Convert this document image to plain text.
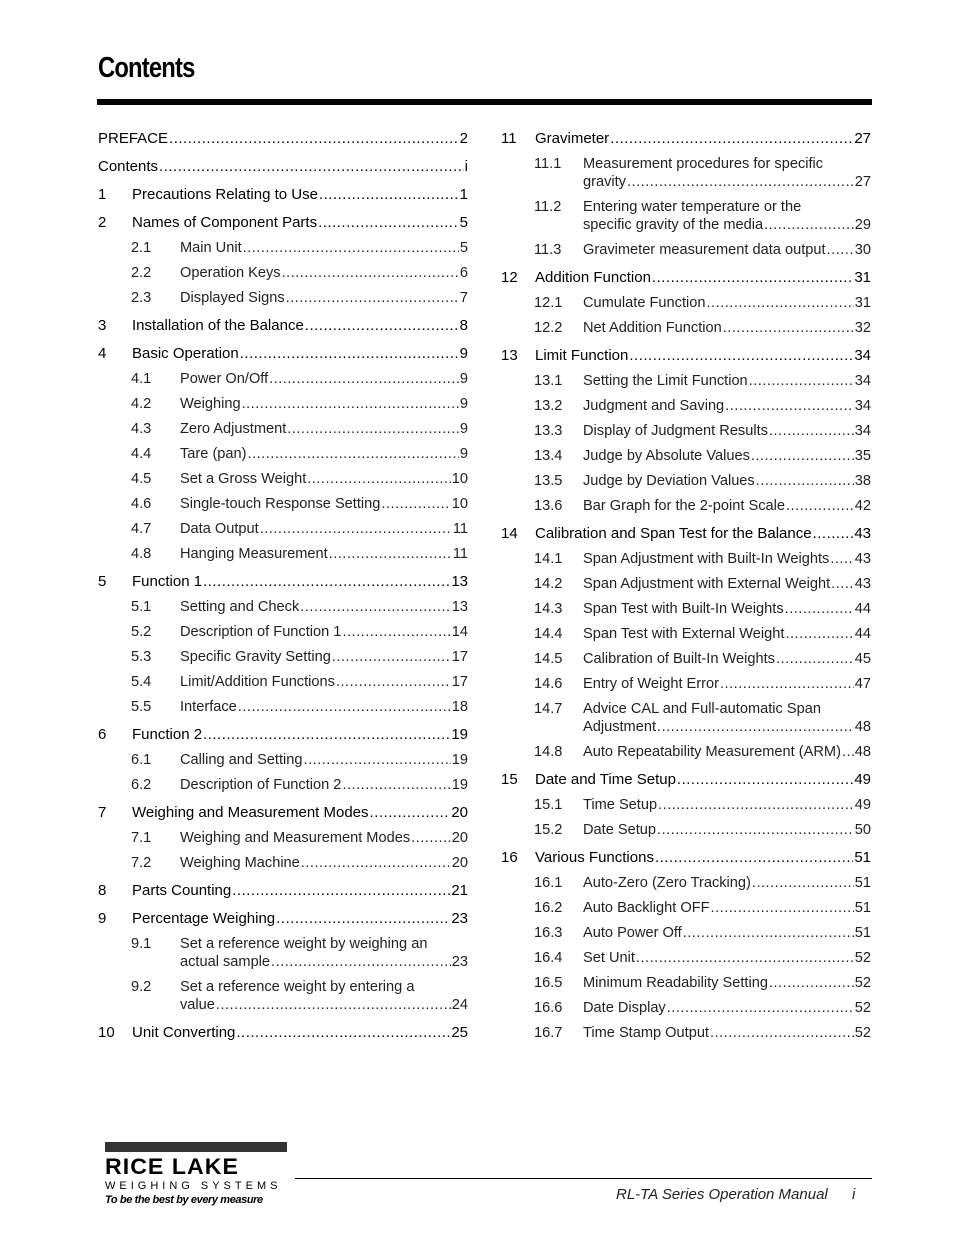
Contents
PREFACE .....	2
Contents .....	i
1 Precautions Relating to Use .....	1
2 Names of Component Parts .....	5
2.1 Main Unit .....	5
2.2 Operation Keys .....	6
2.3 Displayed Signs .....	7
3 Installation of the Balance .....	8
4 Basic Operation .....	9
4.1 Power On/Off .....	9
4.2 Weighing .....	9
4.3 Zero Adjustment .....	9
4.4 Tare (pan) .....	9
4.5 Set a Gross Weight .....	10
4.6 Single-touch Response Setting .....	10
4.7 Data Output .....	11
4.8 Hanging Measurement .....	11
5 Function 1 .....	13
5.1 Setting and Check .....	13
5.2 Description of Function 1 .....	14
5.3 Specific Gravity Setting .....	17
5.4 Limit/Addition Functions .....	17
5.5 Interface .....	18
6 Function 2 .....	19
6.1 Calling and Setting .....	19
6.2 Description of Function 2 .....	19
7 Weighing and Measurement Modes .....	20
7.1 Weighing and Measurement Modes .....	20
7.2 Weighing Machine .....	20
8 Parts Counting .....	21
9 Percentage Weighing .....	23
9.1 Set a reference weight by weighing an
actual sample .....	23
9.2 Set a reference weight by entering a
value .....	24
10 Unit Converting .....	25
11 Gravimeter .....	27
11.1 Measurement procedures for specific
gravity .....	27
11.2 Entering water temperature or the
specific gravity of the media .....	29
11.3 Gravimeter measurement data output ..... 30
12 Addition Function .....	31
12.1 Cumulate Function .....	31
12.2 Net Addition Function .....	32
13 Limit Function .....	34
13.1 Setting the Limit Function .....	34
13.2 Judgment and Saving .....	34
13.3 Display of Judgment Results .....	34
13.4 Judge by Absolute Values .....	35
13.5 Judge by Deviation Values .....	38
13.6 Bar Graph for the 2-point Scale .....	42
14 Calibration and Span Test for the Balance .....	43
14.1 Span Adjustment with Built-In Weights ..... 43
14.2 Span Adjustment with External Weight ..... 43
14.3 Span Test with Built-In Weights .....	44
14.4 Span Test with External Weight .....	44
14.5 Calibration of Built-In Weights .....	45
14.6 Entry of Weight Error .....	47
14.7 Advice CAL and Full-automatic Span
Adjustment .....	48
14.8 Auto Repeatability Measurement (ARM) ..... 48
15 Date and Time Setup .....	49
15.1 Time Setup .....	49
15.2 Date Setup .....	50
16 Various Functions .....	51
16.1 Auto-Zero (Zero Tracking) .....	51
16.2 Auto Backlight OFF .....	51
16.3 Auto Power Off .....	51
16.4 Set Unit .....	52
16.5 Minimum Readability Setting .....	52
16.6 Date Display .....	52
16.7 Time Stamp Output .....	52
RICE LAKE
WEIGHING SYSTEMS
To be the best by every measure	RL-TA Series Operation Manual i
